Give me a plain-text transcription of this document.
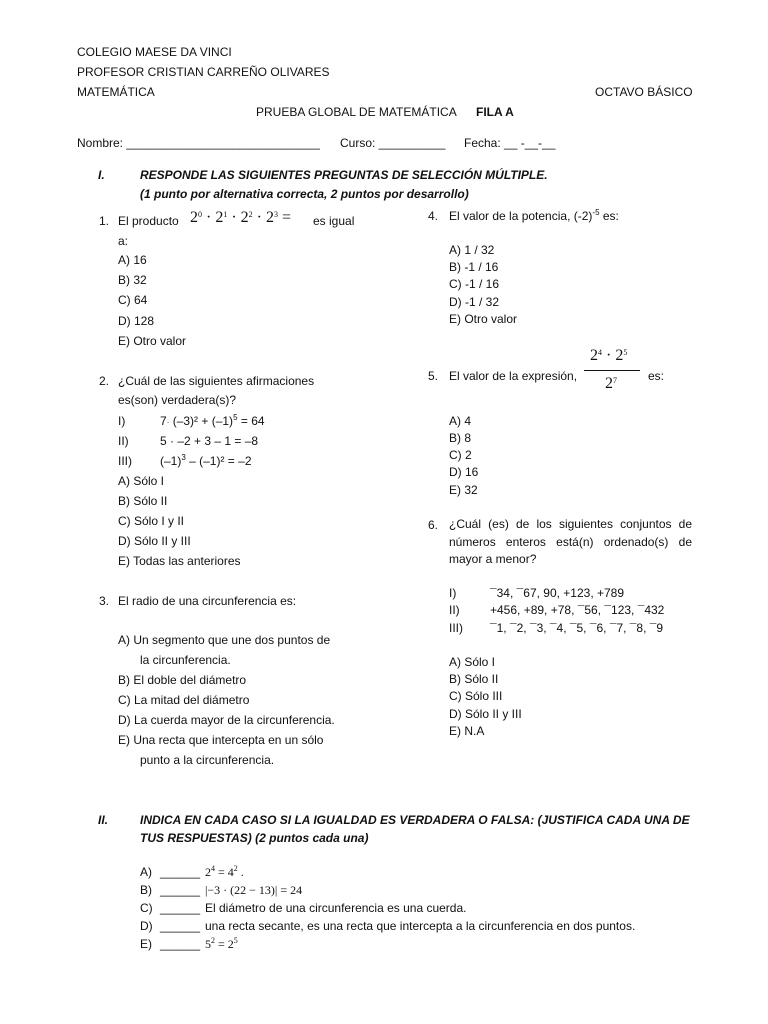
COLEGIO MAESE DA VINCI
PROFESOR CRISTIAN CARREÑO OLIVARES
MATEMÁTICA	OCTAVO BÁSICO
PRUEBA GLOBAL DE MATEMÁTICA FILA A
Nombre: _____________________________ Curso: __________ Fecha: __ -__-__
I.	RESPONDE LAS SIGUIENTES PREGUNTAS DE SELECCIÓN MÚLTIPLE.
(1 punto por alternativa correcta, 2 puntos por desarrollo)
1. El producto $2^0 \cdot 2^1 \cdot 2^2 \cdot 2^3$ = es igual
a:
A) 16
B) 32
C) 64
D) 128
E) Otro valor
2. ¿Cuál de las siguientes afirmaciones
es(son) verdadera(s)?
I)	$7\cdot (-3)^2 + (-1)^5 = 64$
II)	5 · –2 + 3 – 1 = –8
III) $(-1)^3 - (-1)^2 = -2$
A) Sólo I
B) Sólo II
C) Sólo I y II
D) Sólo II y III
E) Todas las anteriores
3. El radio de una circunferencia es:
A) Un segmento que une dos puntos de
la circunferencia.
B) El doble del diámetro
C) La mitad del diámetro
D) La cuerda mayor de la circunferencia.
E) Una recta que intercepta en un sólo
punto a la circunferencia.
4. El valor de la potencia, $(-2)^{-5}$ es:
A) 1 / 32
B) -1 / 16
C) -1 / 16
D) -1 / 32
E) Otro valor
5. El valor de la expresión,
$2^4 \cdot 2^5$
$2^7$	es:
A) 4
B) 8
C) 2
D) 16
E) 32
6. ¿Cuál (es) de los siguientes conjuntos de números enteros está(n) ordenado(s) de mayor a menor?
I)	¯34, ¯67, 90, +123, +789
II)	+456, +89, +78, ¯56, ¯123, ¯432
III) ¯1, ¯2, ¯3, ¯4, ¯5, ¯6, ¯7, ¯8, ¯9
A) Sólo I
B) Sólo II
C) Sólo III
D) Sólo II y III
E) N.A
II.	INDICA EN CADA CASO SI LA IGUALDAD ES VERDADERA O FALSA: (JUSTIFICA CADA UNA DE
TUS RESPUESTAS) (2 puntos cada una)
A) ______ $2^4 = 4^2$ .
B) ______ |−3 · (22 − 13)| = 24
C) ______ El diámetro de una circunferencia es una cuerda.
D) ______ una recta secante, es una recta que intercepta a la circunferencia en dos puntos.
E) ______ $5^2 = 2^5$
